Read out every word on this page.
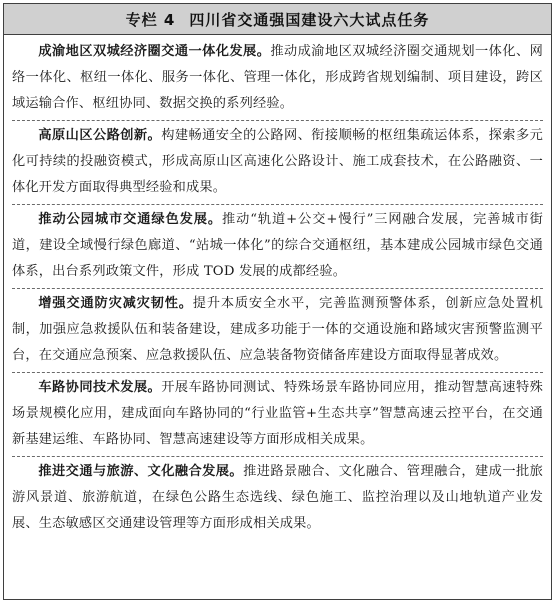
专栏 4 四川省交通强国建设六大试点任务

成渝地区双城经济圈交通一体化发展。推动成渝地区双城经济圈交通规划一体化、网络一体化、枢纽一体化、服务一体化、管理一体化，形成跨省规划编制、项目建设，跨区域运输合作、枢纽协同、数据交换的系列经验。

高原山区公路创新。构建畅通安全的公路网、衔接顺畅的枢纽集疏运体系，探索多元化可持续的投融资模式，形成高原山区高速化公路设计、施工成套技术，在公路融资、一体化开发方面取得典型经验和成果。

推动公园城市交通绿色发展。推动“轨道+公交+慢行”三网融合发展，完善城市街道，建设全域慢行绿色廊道、“站城一体化”的综合交通枢纽，基本建成公园城市绿色交通体系，出台系列政策文件，形成 TOD 发展的成都经验。

增强交通防灾减灾韧性。提升本质安全水平，完善监测预警体系，创新应急处置机制，加强应急救援队伍和装备建设，建成多功能于一体的交通设施和路域灾害预警监测平台，在交通应急预案、应急救援队伍、应急装备物资储备库建设方面取得显著成效。

车路协同技术发展。开展车路协同测试、特殊场景车路协同应用，推动智慧高速特殊场景规模化应用，建成面向车路协同的“行业监管+生态共享”智慧高速云控平台，在交通新基建运维、车路协同、智慧高速建设等方面形成相关成果。

推进交通与旅游、文化融合发展。推进路景融合、文化融合、管理融合，建成一批旅游风景道、旅游航道，在绿色公路生态选线、绿色施工、监控治理以及山地轨道产业发展、生态敏感区交通建设管理等方面形成相关成果。
